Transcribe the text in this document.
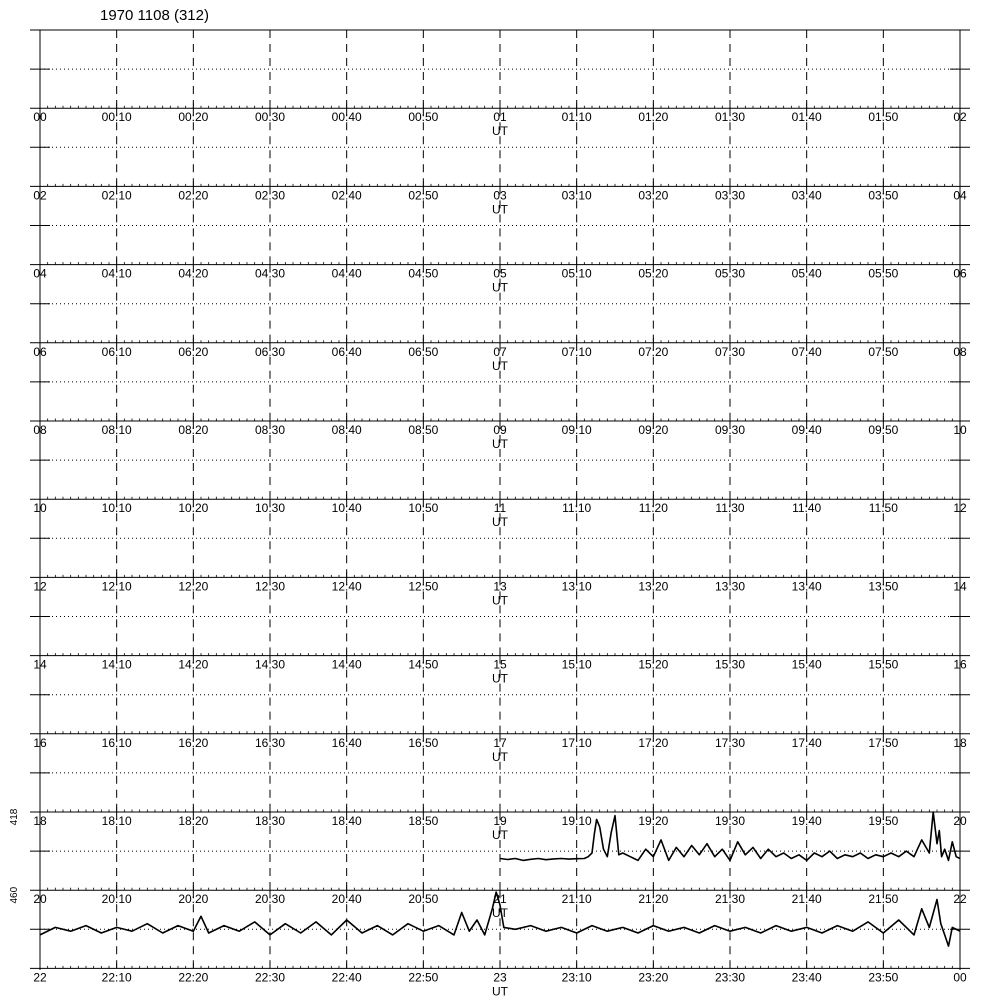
1970 1108 (312)
00	00:10	00:20	00:30	00:40	00:50	01	01:10	01:20	01:30	01:40	01:50	02
UT
02	02:10	02:20	02:30	02:40	02:50	03	03:10	03:20	03:30	03:40	03:50	04
UT
04	04:10	04:20	04:30	04:40	04:50	05	05:10	05:20	05:30	05:40	05:50	06
UT
06	06:10	06:20	06:30	06:40	06:50	07	07:10	07:20	07:30	07:40	07:50	08
UT
08	08:10	08:20	08:30	08:40	08:50	09	09:10	09:20	09:30	09:40	09:50	10
UT
10	10:10	10:20	10:30	10:40	10:50	11	11:10	11:20	11:30	11:40	11:50	12
UT
12	12:10	12:20	12:30	12:40	12:50	13	13:10	13:20	13:30	13:40	13:50	14
UT
14	14:10	14:20	14:30	14:40	14:50	15	15:10	15:20	15:30	15:40	15:50	16
UT
16	16:10	16:20	16:30	16:40	16:50	17	17:10	17:20	17:30	17:40	17:50	18
UT
18	18:10	18:20	18:30	18:40	18:50	19	19:10	19:20	19:30	19:40	19:50	20
UT
20	20:10	20:20	20:30	20:40	20:50	21	21:10	21:20	21:30	21:40	21:50	22
UT
22	22:10	22:20	22:30	22:40	22:50	23	23:10	23:20	23:30	23:40	23:50	00
UT
418
460
